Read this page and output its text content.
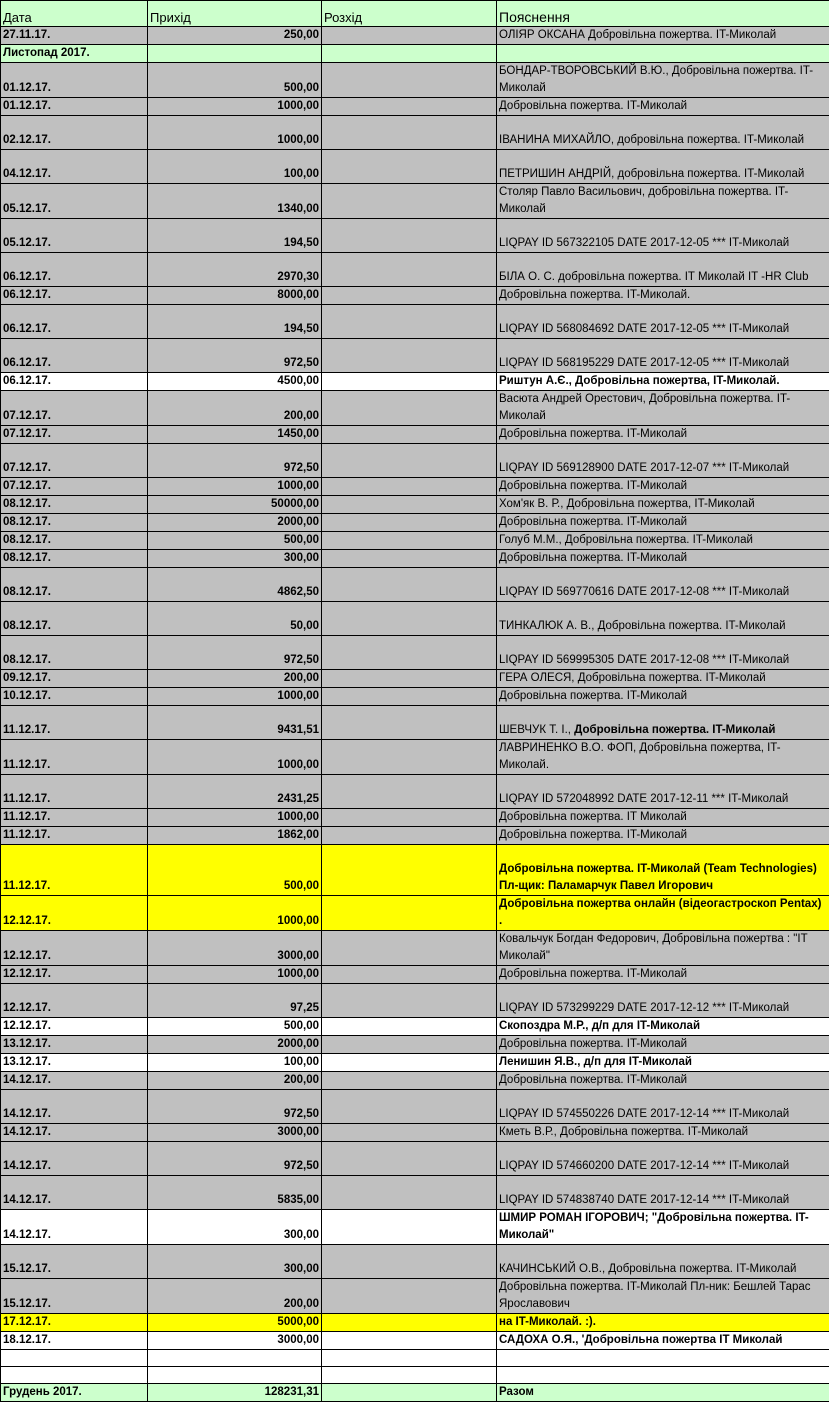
Дата	Прихід	Розхід	Пояснення
27.11.17.	250,00		ОЛІЯР ОКСАНА Добровільна пожертва. IT-Миколай
Листопад 2017.			
01.12.17.	500,00		БОНДАР-ТВОРОВСЬКИЙ В.Ю., Добровільна пожертва. IT-Миколай
01.12.17.	1000,00		Добровільна пожертва. IT-Миколай
02.12.17.	1000,00		ІВАНИНА МИХАЙЛО, добровільна пожертва. IT-Миколай
04.12.17.	100,00		ПЕТРИШИН АНДРІЙ, добровільна пожертва. IT-Миколай
05.12.17.	1340,00		Столяр Павло Васильович, добровільна пожертва. IT-Миколай
05.12.17.	194,50		LIQPAY ID 567322105 DATE 2017-12-05 *** IT-Миколай
06.12.17.	2970,30		БІЛА О. С. добровільна пожертва. IT Миколай IT -HR Club
06.12.17.	8000,00		Добровільна пожертва. IT-Миколай.
06.12.17.	194,50		LIQPAY ID 568084692 DATE 2017-12-05 *** IT-Миколай
06.12.17.	972,50		LIQPAY ID 568195229 DATE 2017-12-05 *** IT-Миколай
06.12.17.	4500,00		Риштун А.Є., Добровільна пожертва, IT-Миколай.
07.12.17.	200,00		Васюта Андрей Орестович, Добровільна пожертва. IT-Миколай
07.12.17.	1450,00		Добровільна пожертва. IT-Миколай
07.12.17.	972,50		LIQPAY ID 569128900 DATE 2017-12-07 *** IT-Миколай
07.12.17.	1000,00		Добровільна пожертва. IT-Миколай
08.12.17.	50000,00		Хом'як В. Р., Добровільна пожертва, IT-Миколай
08.12.17.	2000,00		Добровільна пожертва. IT-Миколай
08.12.17.	500,00		Голуб М.М., Добровільна пожертва. IT-Миколай
08.12.17.	300,00		Добровільна пожертва. IT-Миколай
08.12.17.	4862,50		LIQPAY ID 569770616 DATE 2017-12-08 *** IT-Миколай
08.12.17.	50,00		ТИНКАЛЮК А. В., Добровільна пожертва. IT-Миколай
08.12.17.	972,50		LIQPAY ID 569995305 DATE 2017-12-08 *** IT-Миколай
09.12.17.	200,00		ГЕРА ОЛЕСЯ, Добровільна пожертва. IT-Миколай
10.12.17.	1000,00		Добровільна пожертва. IT-Миколай
11.12.17.	9431,51		ШЕВЧУК Т. І., Добровільна пожертва. IT-Миколай
11.12.17.	1000,00		ЛАВРИНЕНКО В.О. ФОП, Добровільна пожертва, IT-Миколай.
11.12.17.	2431,25		LIQPAY ID 572048992 DATE 2017-12-11 *** IT-Миколай
11.12.17.	1000,00		Добровільна пожертва. IT Миколай
11.12.17.	1862,00		Добровільна пожертва. IT-Миколай
11.12.17.	500,00		Добровільна пожертва. IT-Миколай (Team Technologies) Пл-щик: Паламарчук Павел Игорович
12.12.17.	1000,00		Добровільна пожертва онлайн (відеогастроскоп Pentax) .
12.12.17.	3000,00		Ковальчук Богдан Федорович, Добровільна пожертва : "IT Миколай"
12.12.17.	1000,00		Добровільна пожертва. IT-Миколай
12.12.17.	97,25		LIQPAY ID 573299229 DATE 2017-12-12 *** IT-Миколай
12.12.17.	500,00		Скопоздра М.Р., д/п для IT-Миколай
13.12.17.	2000,00		Добровільна пожертва. IT-Миколай
13.12.17.	100,00		Ленишин Я.В., д/п для IT-Миколай
14.12.17.	200,00		Добровільна пожертва. IT-Миколай
14.12.17.	972,50		LIQPAY ID 574550226 DATE 2017-12-14 *** IT-Миколай
14.12.17.	3000,00		Кметь В.Р., Добровільна пожертва. IT-Миколай
14.12.17.	972,50		LIQPAY ID 574660200 DATE 2017-12-14 *** IT-Миколай
14.12.17.	5835,00		LIQPAY ID 574838740 DATE 2017-12-14 *** IT-Миколай
14.12.17.	300,00		ШМИР РОМАН ІГОРОВИЧ; "Добровільна пожертва. IT-Миколай"
15.12.17.	300,00		КАЧИНСЬКИЙ О.В., Добровільна пожертва. IT-Миколай
15.12.17.	200,00		Добровільна пожертва. IT-Миколай Пл-ник: Бешлей Тарас Ярославович
17.12.17.	5000,00		на IT-Миколай. :).
18.12.17.	3000,00		САДОХА О.Я., 'Добровільна пожертва IT Миколай

Грудень 2017.	128231,31		Разом
